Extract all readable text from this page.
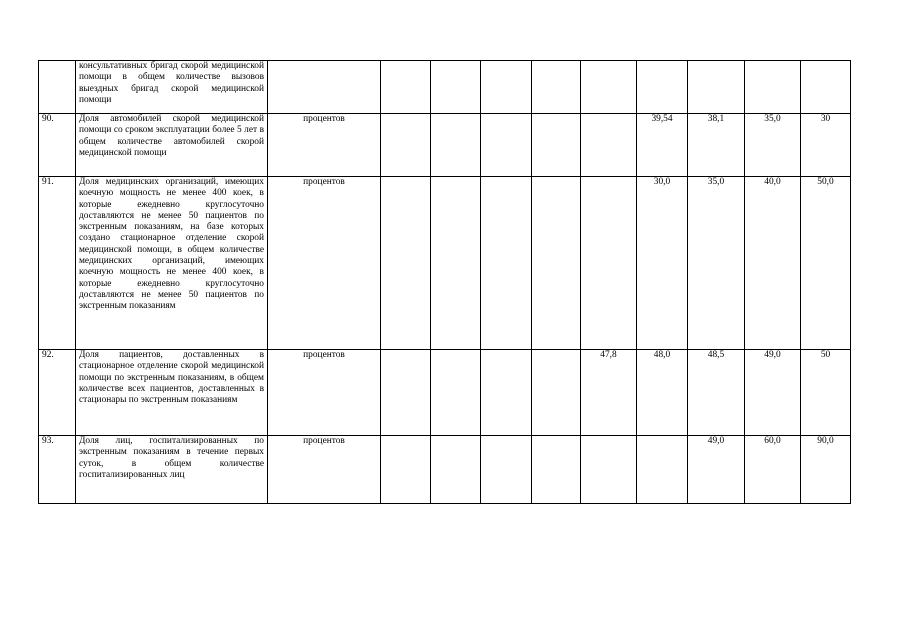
	консультативных бригад скорой медицинской помощи в общем количестве вызовов выездных бригад скорой медицинской помощи										
90.	Доля автомобилей скорой медицинской помощи со сроком эксплуатации более 5 лет в общем количестве автомобилей скорой медицинской помощи	процентов						39,54	38,1	35,0	30
91.	Доля медицинских организаций, имеющих коечную мощность не менее 400 коек, в которые ежедневно круглосуточно доставляются не менее 50 пациентов по экстренным показаниям, на базе которых создано стационарное отделение скорой медицинской помощи, в общем количестве медицинских организаций, имеющих коечную мощность не менее 400 коек, в которые ежедневно круглосуточно доставляются не менее 50 пациентов по экстренным показаниям	процентов						30,0	35,0	40,0	50,0
92.	Доля пациентов, доставленных в стационарное отделение скорой медицинской помощи по экстренным показаниям, в общем количестве всех пациентов, доставленных в стационары по экстренным показаниям	процентов					47,8	48,0	48,5	49,0	50
93.	Доля лиц, госпитализированных по экстренным показаниям в течение первых суток, в общем количестве госпитализированных лиц	процентов							49,0	60,0	90,0
